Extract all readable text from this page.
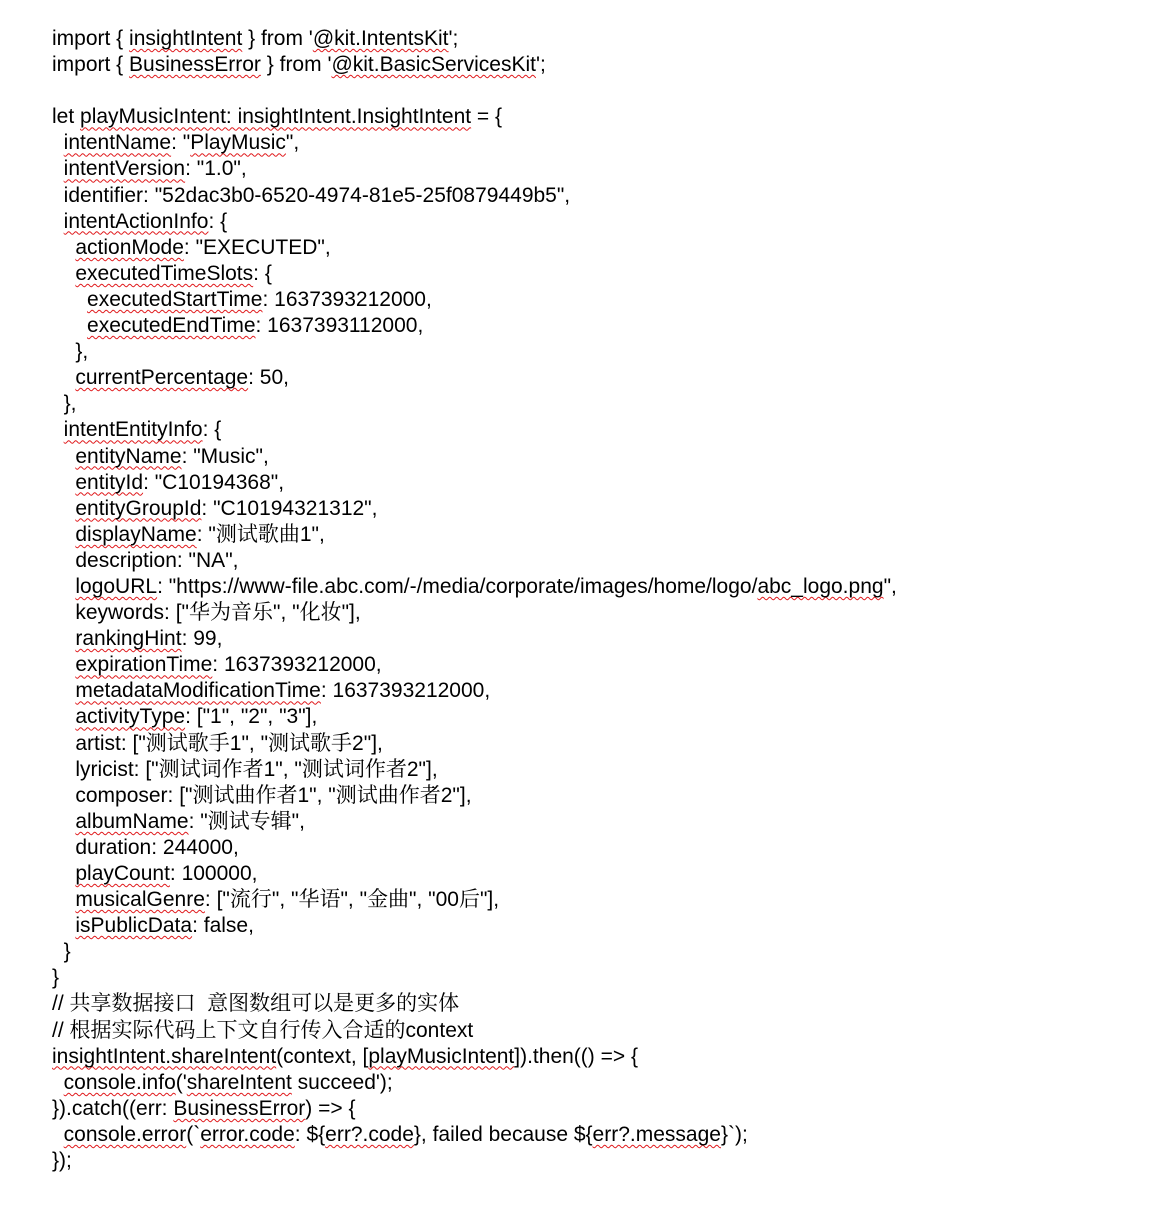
import { insightIntent } from '@kit.IntentsKit';
import { BusinessError } from '@kit.BasicServicesKit';

let playMusicIntent: insightIntent.InsightIntent = {
intentName: "PlayMusic",
intentVersion: "1.0",
identifier: "52dac3b0-6520-4974-81e5-25f0879449b5",
intentActionInfo: {
actionMode: "EXECUTED",
executedTimeSlots: {
executedStartTime: 1637393212000,
executedEndTime: 1637393112000,
},
currentPercentage: 50,
},
intentEntityInfo: {
entityName: "Music",
entityId: "C10194368",
entityGroupId: "C10194321312",
displayName: "测试歌曲1",
description: "NA",
logoURL: "https://www-file.abc.com/-/media/corporate/images/home/logo/abc_logo.png",
keywords: ["华为音乐", "化妆"],
rankingHint: 99,
expirationTime: 1637393212000,
metadataModificationTime: 1637393212000,
activityType: ["1", "2", "3"],
artist: ["测试歌手1", "测试歌手2"],
lyricist: ["测试词作者1", "测试词作者2"],
composer: ["测试曲作者1", "测试曲作者2"],
albumName: "测试专辑",
duration: 244000,
playCount: 100000,
musicalGenre: ["流行", "华语", "金曲", "00后"],
isPublicData: false,
}
}
// 共享数据接口  意图数组可以是更多的实体
// 根据实际代码上下文自行传入合适的context
insightIntent.shareIntent(context, [playMusicIntent]).then(() => {
console.info('shareIntent succeed');
}).catch((err: BusinessError) => {
console.error(`error.code: ${err?.code}, failed because ${err?.message}`);
});
